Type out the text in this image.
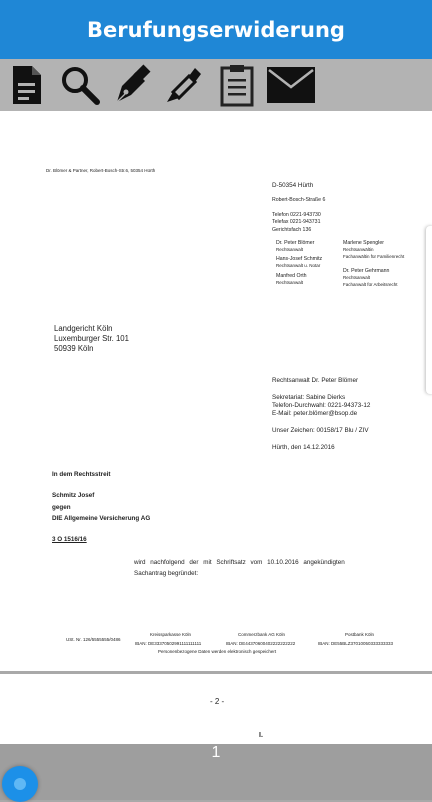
Berufungserwiderung
Dr. Blömer & Partner, Robert-Bosch-Str.6, 50354 Hürth
D-50354 Hürth
Robert-Bosch-Straße 6
Telefon 0221-943730
Telefax 0221-943731
Gerichtsfach 136
Dr. Peter Blömer
Rechtsanwalt
Marlene Spengler
Rechtsanwältin
Fachanwältin für Familienrecht
Hans-Josef Schmitz
Rechtsanwalt u. Notar
Manfred Orth
Rechtsanwalt
Dr. Peter Gehrmann
Rechtsanwalt
Fachanwalt für Arbeitsrecht
Landgericht Köln
Luxemburger Str. 101
50939 Köln
Rechtsanwalt Dr. Peter Blömer
Sekretariat: Sabine Dierks
Telefon-Durchwahl: 0221-94373-12
E-Mail: peter.blömer@bsop.de
Unser Zeichen: 00158/17 Blu / ZIV
Hürth, den 14.12.2016
In dem Rechtsstreit
Schmitz Josef
gegen
DIE Allgemeine Versicherung AG
3 O 1516/16
wird nachfolgend der mit Schriftsatz vom 10.10.2016 angekündigten
Sachantrag begründet:
USt. Nr. 126/5555555/0486
Kreissparkasse Köln
IBAN: DE33370502991111111111
Commerzbank AG Köln
IBAN: DE44370600402222222222
Postbank Köln
IBAN: DE55BLZ37010050333333333
Personenbezogene Daten werden elektronisch gespeichert
- 2 -
I.
1
